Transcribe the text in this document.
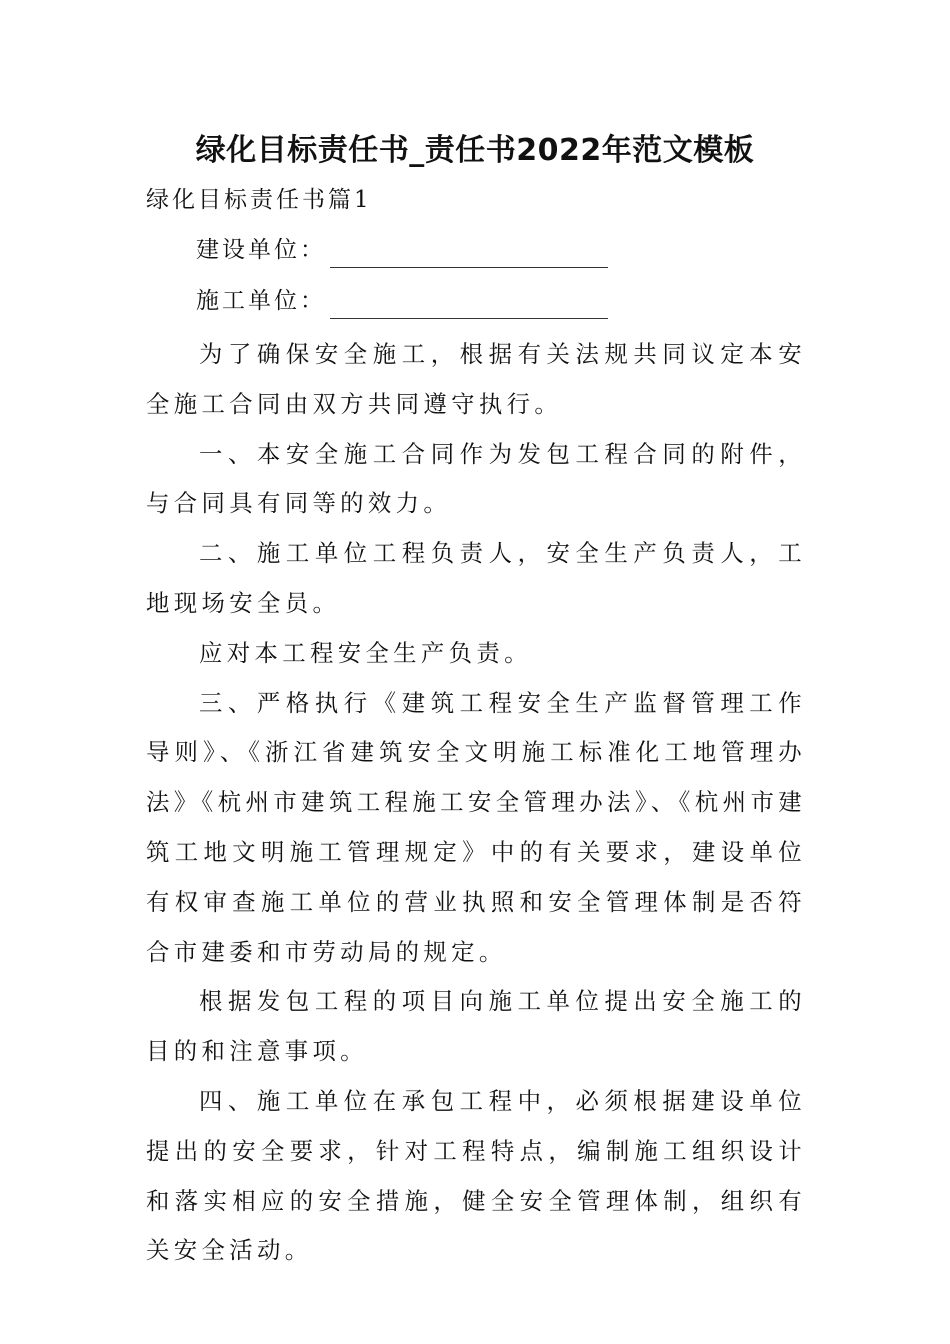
绿化目标责任书_责任书2022年范文模板
绿化目标责任书篇1
建设单位：
施工单位：

为了确保安全施工，根据有关法规共同议定本安全施工合同由双方共同遵守执行。

一、本安全施工合同作为发包工程合同的附件，与合同具有同等的效力。

二、施工单位工程负责人，安全生产负责人，工地现场安全员。

应对本工程安全生产负责。

三、严格执行《建筑工程安全生产监督管理工作导则》、《浙江省建筑安全文明施工标准化工地管理办法》《杭州市建筑工程施工安全管理办法》、《杭州市建筑工地文明施工管理规定》中的有关要求，建设单位有权审查施工单位的营业执照和安全管理体制是否符合市建委和市劳动局的规定。

根据发包工程的项目向施工单位提出安全施工的目的和注意事项。

四、施工单位在承包工程中，必须根据建设单位提出的安全要求，针对工程特点，编制施工组织设计和落实相应的安全措施，健全安全管理体制，组织有关安全活动。
